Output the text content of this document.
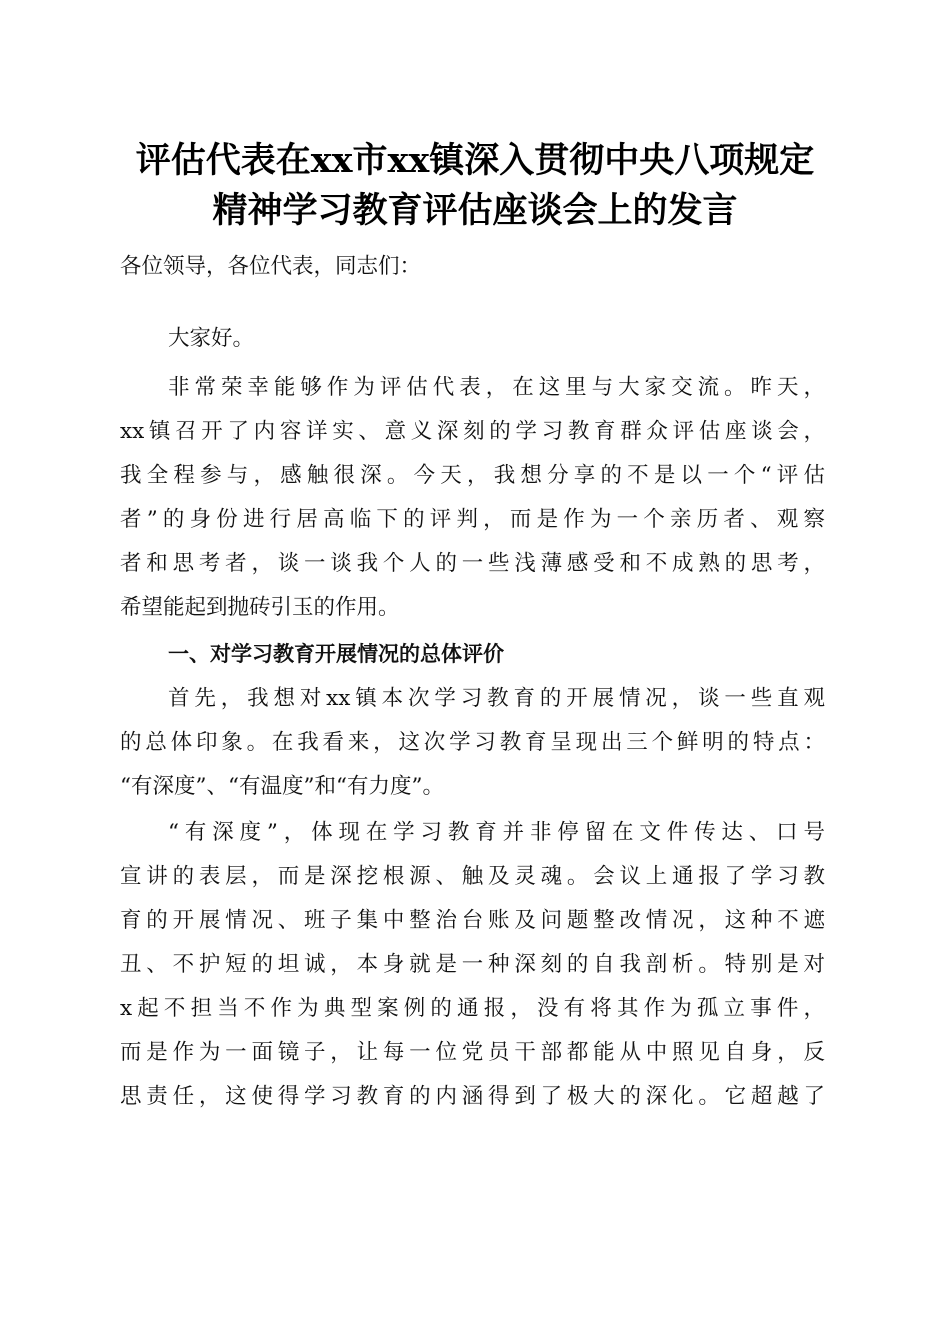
评估代表在xx市xx镇深入贯彻中央八项规定
精神学习教育评估座谈会上的发言
各位领导，各位代表，同志们：
大家好。
非常荣幸能够作为评估代表，在这里与大家交流。昨天，
xx镇召开了内容详实、意义深刻的学习教育群众评估座谈会，
我全程参与，感触很深。今天，我想分享的不是以一个“评估
者”的身份进行居高临下的评判，而是作为一个亲历者、观察
者和思考者，谈一谈我个人的一些浅薄感受和不成熟的思考，
希望能起到抛砖引玉的作用。
一、对学习教育开展情况的总体评价
首先，我想对xx镇本次学习教育的开展情况，谈一些直观
的总体印象。在我看来，这次学习教育呈现出三个鲜明的特点：
“有深度”、“有温度”和“有力度”。
“有深度”，体现在学习教育并非停留在文件传达、口号
宣讲的表层，而是深挖根源、触及灵魂。会议上通报了学习教
育的开展情况、班子集中整治台账及问题整改情况，这种不遮
丑、不护短的坦诚，本身就是一种深刻的自我剖析。特别是对
x起不担当不作为典型案例的通报，没有将其作为孤立事件，
而是作为一面镜子，让每一位党员干部都能从中照见自身，反
思责任，这使得学习教育的内涵得到了极大的深化。它超越了
